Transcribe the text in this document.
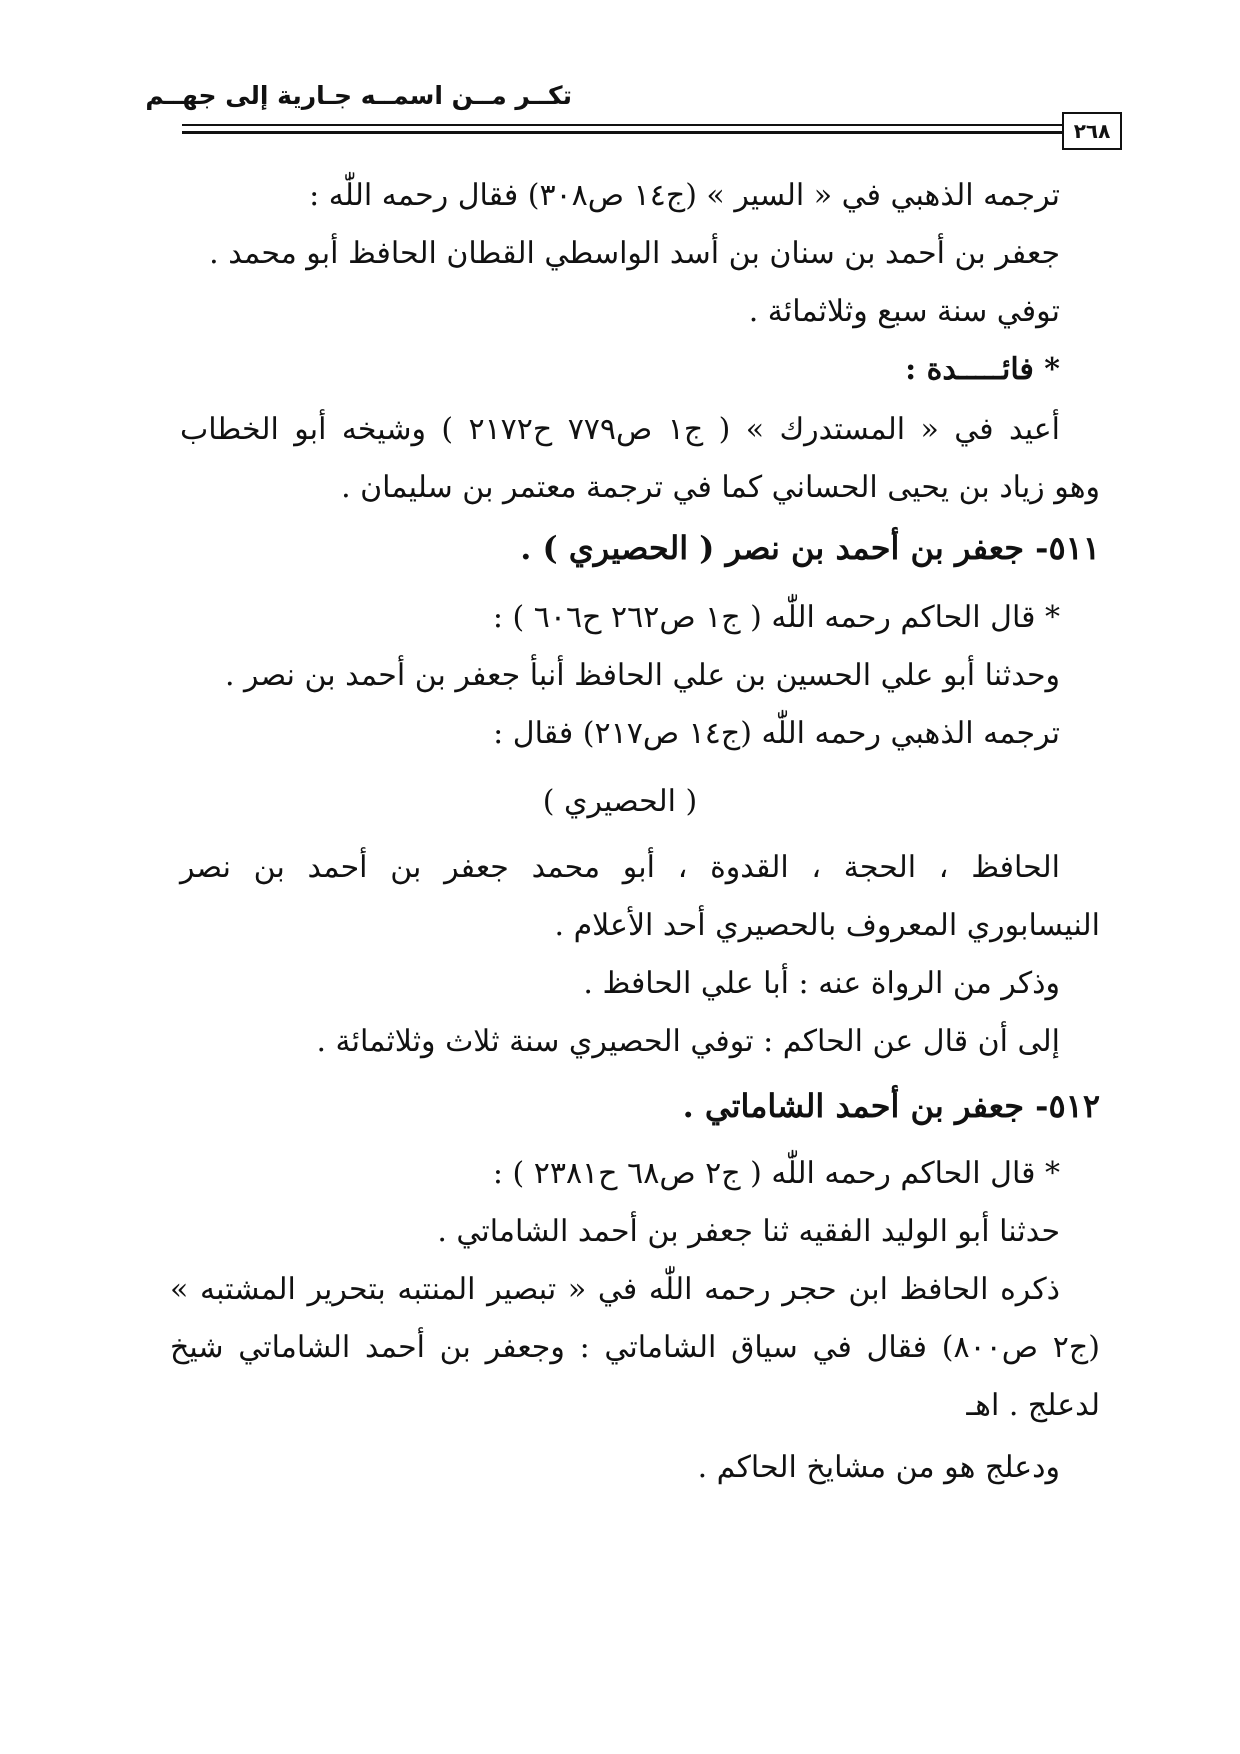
تكــر مــن اسمــه جـارية إلى جهــم
٢٦٨

ترجمه الذهبي في « السير » (ج١٤ ص٣٠٨) فقال رحمه اللّٰه :

جعفر بن أحمد بن سنان بن أسد الواسطي القطان الحافظ أبو محمد .

توفي سنة سبع وثلاثمائة .

* فائـــــدة :

أعيد في « المستدرك » ( ج١ ص٧٧٩ ح٢١٧٢ ) وشيخه أبو الخطاب

وهو زياد بن يحيى الحساني كما في ترجمة معتمر بن سليمان .

٥١١- جعفر بن أحمد بن نصر ( الحصيري ) .

* قال الحاكم رحمه اللّٰه ( ج١ ص٢٦٢ ح٦٠٦ ) :

وحدثنا أبو علي الحسين بن علي الحافظ أنبأ جعفر بن أحمد بن نصر .

ترجمه الذهبي رحمه اللّٰه (ج١٤ ص٢١٧) فقال :

( الحصيري )

الحافظ ، الحجة ، القدوة ، أبو محمد جعفر بن أحمد بن نصر

النيسابوري المعروف بالحصيري أحد الأعلام .

وذكر من الرواة عنه : أبا علي الحافظ .

إلى أن قال عن الحاكم : توفي الحصيري سنة ثلاث وثلاثمائة .

٥١٢- جعفر بن أحمد الشاماتي .

* قال الحاكم رحمه اللّٰه ( ج٢ ص٦٨ ح٢٣٨١ ) :

حدثنا أبو الوليد الفقيه ثنا جعفر بن أحمد الشاماتي .

ذكره الحافظ ابن حجر رحمه اللّٰه في « تبصير المنتبه بتحرير المشتبه »

(ج٢ ص٨٠٠) فقال في سياق الشاماتي : وجعفر بن أحمد الشاماتي شيخ

لدعلج . اهـ

ودعلج هو من مشايخ الحاكم .
